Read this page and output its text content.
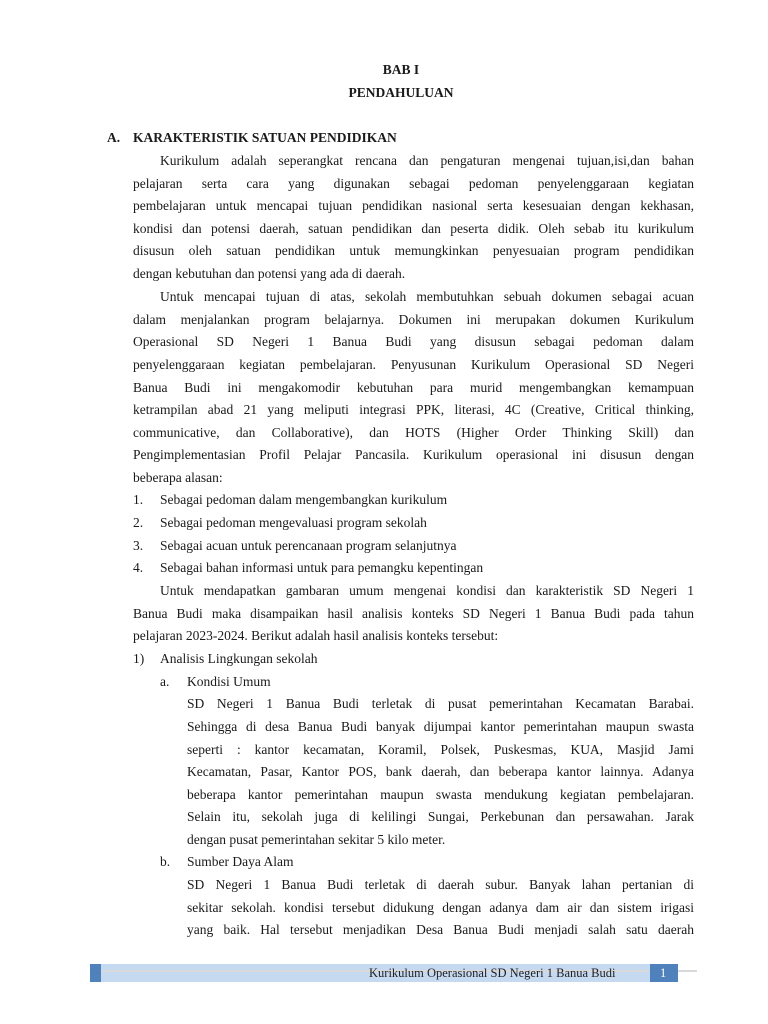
BAB I
PENDAHULUAN
A. KARAKTERISTIK SATUAN PENDIDIKAN
Kurikulum adalah seperangkat rencana dan pengaturan mengenai tujuan,isi,dan bahan
pelajaran serta cara yang digunakan sebagai pedoman penyelenggaraan kegiatan
pembelajaran untuk mencapai tujuan pendidikan nasional serta kesesuaian dengan kekhasan,
kondisi dan potensi daerah, satuan pendidikan dan peserta didik. Oleh sebab itu kurikulum
disusun oleh satuan pendidikan untuk memungkinkan penyesuaian program pendidikan
dengan kebutuhan dan potensi yang ada di daerah.
Untuk mencapai tujuan di atas, sekolah membutuhkan sebuah dokumen sebagai acuan
dalam menjalankan program belajarnya. Dokumen ini merupakan dokumen Kurikulum
Operasional SD Negeri 1 Banua Budi yang disusun sebagai pedoman dalam
penyelenggaraan kegiatan pembelajaran. Penyusunan Kurikulum Operasional SD Negeri
Banua Budi ini mengakomodir kebutuhan para murid mengembangkan kemampuan
ketrampilan abad 21 yang meliputi integrasi PPK, literasi, 4C (Creative, Critical thinking,
communicative, dan Collaborative), dan HOTS (Higher Order Thinking Skill) dan
Pengimplementasian Profil Pelajar Pancasila. Kurikulum operasional ini disusun dengan
beberapa alasan:
1. Sebagai pedoman dalam mengembangkan kurikulum
2. Sebagai pedoman mengevaluasi program sekolah
3. Sebagai acuan untuk perencanaan program selanjutnya
4. Sebagai bahan informasi untuk para pemangku kepentingan
Untuk mendapatkan gambaran umum mengenai kondisi dan karakteristik SD Negeri 1
Banua Budi maka disampaikan hasil analisis konteks SD Negeri 1 Banua Budi pada tahun
pelajaran 2023-2024. Berikut adalah hasil analisis konteks tersebut:
1) Analisis Lingkungan sekolah
a. Kondisi Umum
SD Negeri 1 Banua Budi terletak di pusat pemerintahan Kecamatan Barabai.
Sehingga di desa Banua Budi banyak dijumpai kantor pemerintahan maupun swasta
seperti : kantor kecamatan, Koramil, Polsek, Puskesmas, KUA, Masjid Jami
Kecamatan, Pasar, Kantor POS, bank daerah, dan beberapa kantor lainnya. Adanya
beberapa kantor pemerintahan maupun swasta mendukung kegiatan pembelajaran.
Selain itu, sekolah juga di kelilingi Sungai, Perkebunan dan persawahan. Jarak
dengan pusat pemerintahan sekitar 5 kilo meter.
b. Sumber Daya Alam
SD Negeri 1 Banua Budi terletak di daerah subur. Banyak lahan pertanian di
sekitar sekolah. kondisi tersebut didukung dengan adanya dam air dan sistem irigasi
yang baik. Hal tersebut menjadikan Desa Banua Budi menjadi salah satu daerah
Kurikulum Operasional SD Negeri 1 Banua Budi	1
